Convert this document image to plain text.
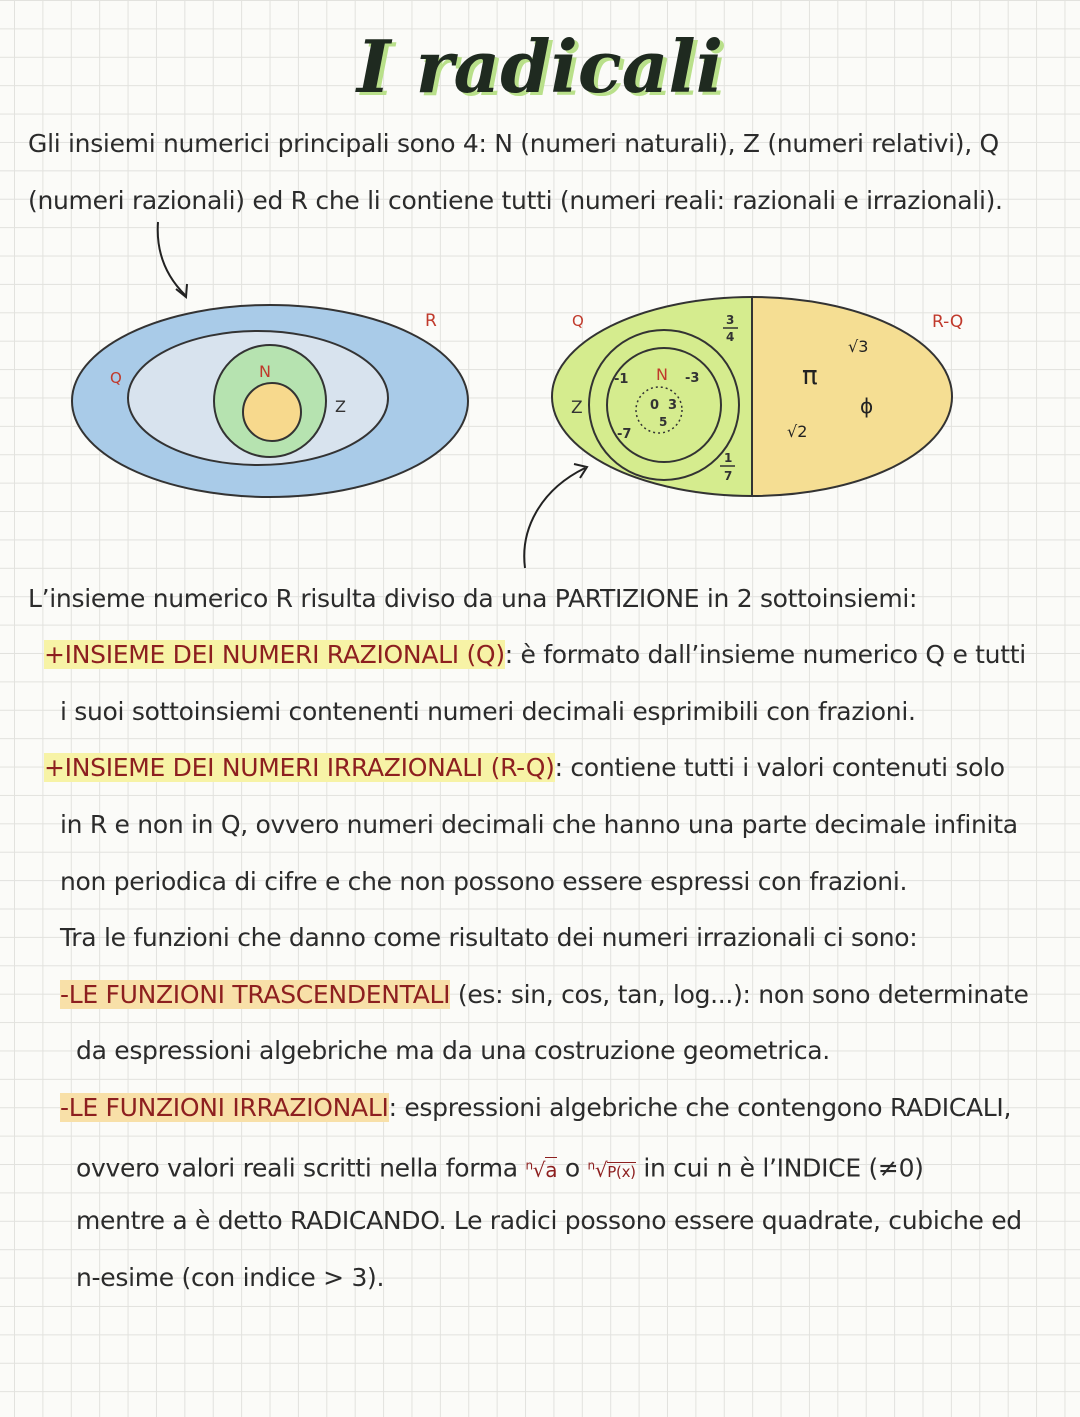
I radicali
Gli insiemi numerici principali sono 4: N (numeri naturali), Z (numeri relativi), Q
(numeri razionali) ed R che li contiene tutti (numeri reali: razionali e irrazionali).
R
Q
Z
N
Q	R-Q
Z
N
0 3
5
-1	-3
-7
3
4
1
7
π
√3
ϕ
√2
L’insieme numerico R risulta diviso da una PARTIZIONE in 2 sottoinsiemi:
+INSIEME DEI NUMERI RAZIONALI (Q): è formato dall’insieme numerico Q e tutti
i suoi sottoinsiemi contenenti numeri decimali esprimibili con frazioni.
+INSIEME DEI NUMERI IRRAZIONALI (R-Q): contiene tutti i valori contenuti solo
in R e non in Q, ovvero numeri decimali che hanno una parte decimale infinita
non periodica di cifre e che non possono essere espressi con frazioni.
Tra le funzioni che danno come risultato dei numeri irrazionali ci sono:
-LE FUNZIONI TRASCENDENTALI (es: sin, cos, tan, log...): non sono determinate
da espressioni algebriche ma da una costruzione geometrica.
-LE FUNZIONI IRRAZIONALI: espressioni algebriche che contengono RADICALI,
ovvero valori reali scritti nella forma $^n$√a o $^n$√P(x) in cui n è l’INDICE (≠0)
mentre a è detto RADICANDO. Le radici possono essere quadrate, cubiche ed
n-esime (con indice > 3).
